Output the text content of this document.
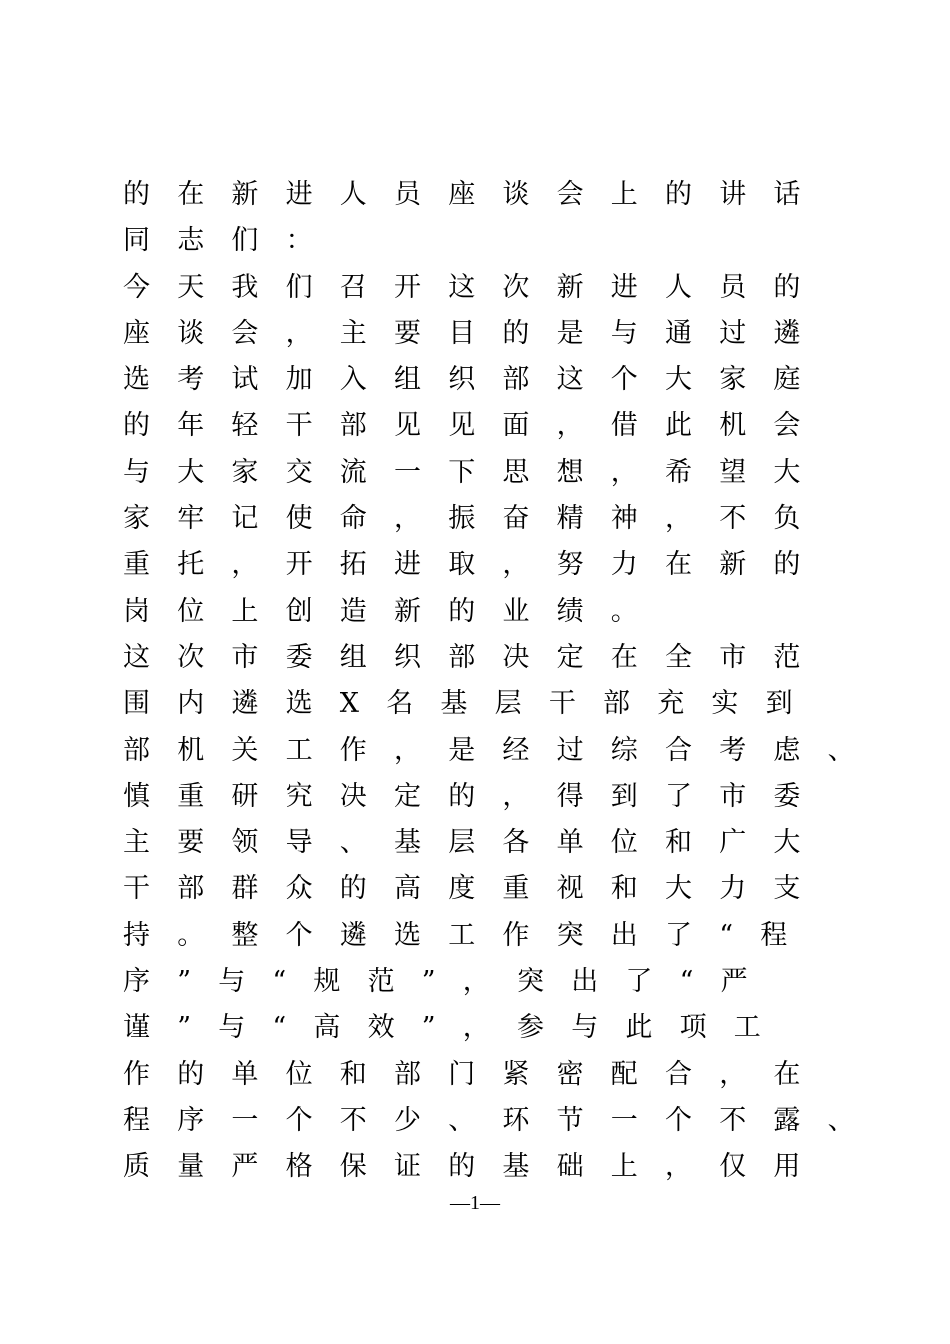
的在新进人员座谈会上的讲话
同志们：
今天我们召开这次新进人员的
座谈会，主要目的是与通过遴
选考试加入组织部这个大家庭
的年轻干部见见面，借此机会
与大家交流一下思想，希望大
家牢记使命，振奋精神，不负
重托，开拓进取，努力在新的
岗位上创造新的业绩。
这次市委组织部决定在全市范
围内遴选X名基层干部充实到
部机关工作，是经过综合考虑、
慎重研究决定的，得到了市委
主要领导、基层各单位和广大
干部群众的高度重视和大力支
持。整个遴选工作突出了“程
序”与“规范”，突出了“严
谨”与“高效”，参与此项工
作的单位和部门紧密配合，在
程序一个不少、环节一个不露、
质量严格保证的基础上，仅用
—1—
